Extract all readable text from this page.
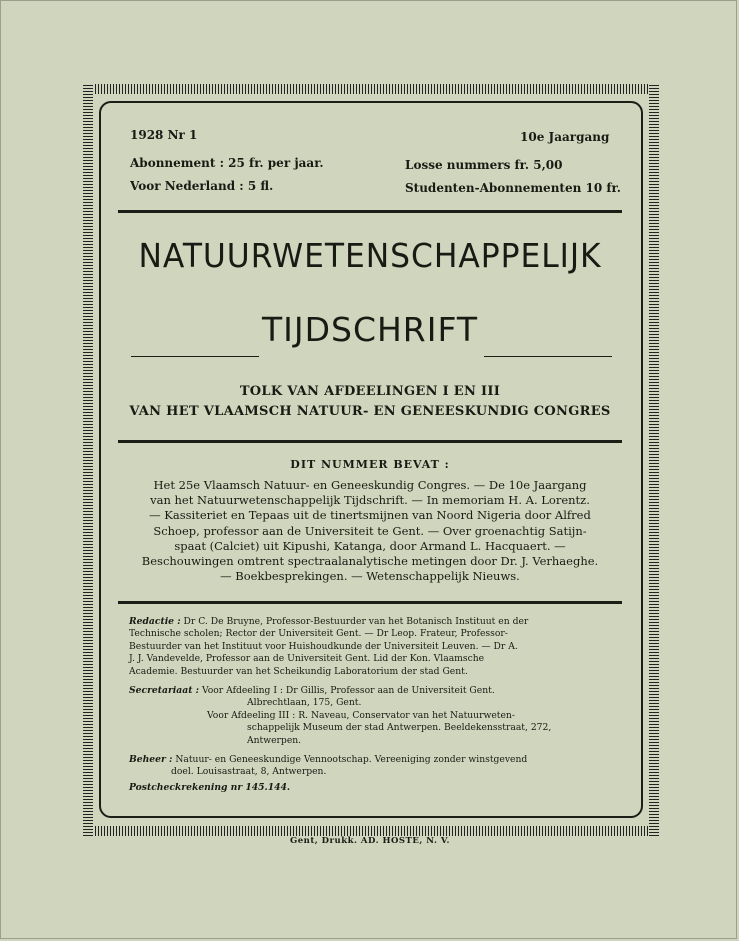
1928 Nr 1	10e Jaargang
Abonnement : 25 fr. per jaar.	Losse nummers fr. 5,00
Voor Nederland : 5 fl.	Studenten-Abonnementen 10 fr.
NATUURWETENSCHAPPELIJK
TIJDSCHRIFT
TOLK VAN AFDEELINGEN I EN III
VAN HET VLAAMSCH NATUUR- EN GENEESKUNDIG CONGRES
DIT NUMMER BEVAT :
Het 25e Vlaamsch Natuur- en Geneeskundig Congres. — De 10e Jaargang
van het Natuurwetenschappelijk Tijdschrift. — In memoriam H. A. Lorentz.
— Kassiteriet en Tepaas uit de tinertsmijnen van Noord Nigeria door Alfred
Schoep, professor aan de Universiteit te Gent. — Over groenachtig Satijn-
spaat (Calciet) uit Kipushi, Katanga, door Armand L. Hacquaert. —
Beschouwingen omtrent spectraalanalytische metingen door Dr. J. Verhaeghe.
— Boekbesprekingen. — Wetenschappelijk Nieuws.
Redactie : Dr C. De Bruyne, Professor-Bestuurder van het Botanisch Instituut en der
Technische scholen; Rector der Universiteit Gent. — Dr Leop. Frateur, Professor-
Bestuurder van het Instituut voor Huishoudkunde der Universiteit Leuven. — Dr A.
J. J. Vandevelde, Professor aan de Universiteit Gent. Lid der Kon. Vlaamsche
Academie. Bestuurder van het Scheikundig Laboratorium der stad Gent.
Secretariaat : Voor Afdeeling I : Dr Gillis, Professor aan de Universiteit Gent.
Albrechtlaan, 175, Gent.
Voor Afdeeling III : R. Naveau, Conservator van het Natuurweten-
schappelijk Museum der stad Antwerpen. Beeldekensstraat, 272,
Antwerpen.
Beheer : Natuur- en Geneeskundige Vennootschap. Vereeniging zonder winstgevend
doel. Louisastraat, 8, Antwerpen.
Postcheckrekening nr 145.144.
Gent, Drukk. AD. HOSTE, N. V.
